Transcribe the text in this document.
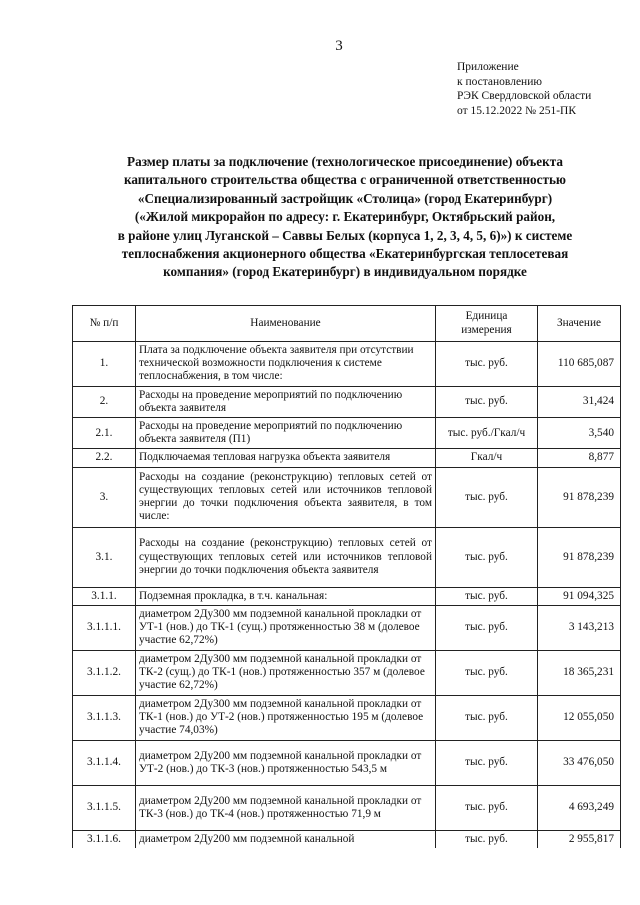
3
Приложение
к постановлению
РЭК Свердловской области
от 15.12.2022 № 251-ПК
Размер платы за подключение (технологическое присоединение) объекта
капитального строительства общества с ограниченной ответственностью
«Специализированный застройщик «Столица» (город Екатеринбург)
(«Жилой микрорайон по адресу: г. Екатеринбург, Октябрьский район,
в районе улиц Луганской – Саввы Белых (корпуса 1, 2, 3, 4, 5, 6)») к системе
теплоснабжения акционерного общества «Екатеринбургская теплосетевая
компания» (город Екатеринбург) в индивидуальном порядке
№ п/п	Наименование	Единица измерения	Значение
1.	Плата за подключение объекта заявителя при отсутствии технической возможности подключения к системе теплоснабжения, в том числе:	тыс. руб.	110 685,087
2.	Расходы на проведение мероприятий по подключению объекта заявителя	тыс. руб.	31,424
2.1.	Расходы на проведение мероприятий по подключению объекта заявителя (П1)	тыс. руб./Гкал/ч	3,540
2.2.	Подключаемая тепловая нагрузка объекта заявителя	Гкал/ч	8,877
3.	Расходы на создание (реконструкцию) тепловых сетей от существующих тепловых сетей или источников тепловой энергии до точки подключения объекта заявителя, в том числе:	тыс. руб.	91 878,239
3.1.	Расходы на создание (реконструкцию) тепловых сетей от существующих тепловых сетей или источников тепловой энергии до точки подключения объекта заявителя	тыс. руб.	91 878,239
3.1.1.	Подземная прокладка, в т.ч. канальная:	тыс. руб.	91 094,325
3.1.1.1.	диаметром 2Ду300 мм подземной канальной прокладки от УТ-1 (нов.) до ТК-1 (сущ.) протяженностью 38 м (долевое участие 62,72%)	тыс. руб.	3 143,213
3.1.1.2.	диаметром 2Ду300 мм подземной канальной прокладки от ТК-2 (сущ.) до ТК-1 (нов.) протяженностью 357 м (долевое участие 62,72%)	тыс. руб.	18 365,231
3.1.1.3.	диаметром 2Ду300 мм подземной канальной прокладки от ТК-1 (нов.) до УТ-2 (нов.) протяженностью 195 м (долевое участие 74,03%)	тыс. руб.	12 055,050
3.1.1.4.	диаметром 2Ду200 мм подземной канальной прокладки от УТ-2 (нов.) до ТК-3 (нов.) протяженностью 543,5 м	тыс. руб.	33 476,050
3.1.1.5.	диаметром 2Ду200 мм подземной канальной прокладки от ТК-3 (нов.) до ТК-4 (нов.) протяженностью 71,9 м	тыс. руб.	4 693,249
3.1.1.6.	диаметром 2Ду200 мм подземной канальной	тыс. руб.	2 955,817
